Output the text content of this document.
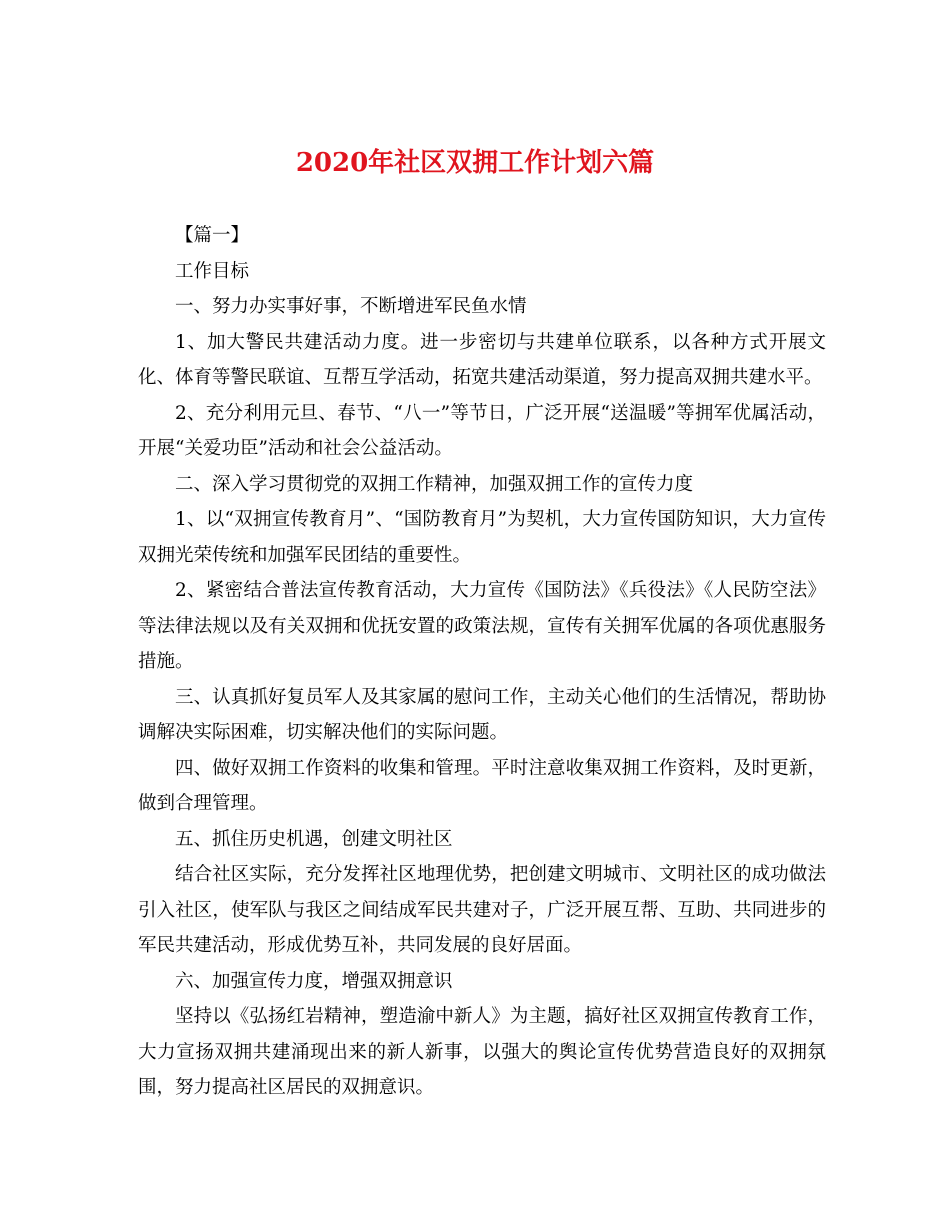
2020年社区双拥工作计划六篇

【篇一】

工作目标

一、努力办实事好事，不断增进军民鱼水情

1、加大警民共建活动力度。进一步密切与共建单位联系，以各种方式开展文化、体育等警民联谊、互帮互学活动，拓宽共建活动渠道，努力提高双拥共建水平。

2、充分利用元旦、春节、“八一”等节日，广泛开展“送温暖”等拥军优属活动，开展“关爱功臣”活动和社会公益活动。

二、深入学习贯彻党的双拥工作精神，加强双拥工作的宣传力度

1、以“双拥宣传教育月”、“国防教育月”为契机，大力宣传国防知识，大力宣传双拥光荣传统和加强军民团结的重要性。

2、紧密结合普法宣传教育活动，大力宣传《国防法》《兵役法》《人民防空法》等法律法规以及有关双拥和优抚安置的政策法规，宣传有关拥军优属的各项优惠服务措施。

三、认真抓好复员军人及其家属的慰问工作，主动关心他们的生活情况，帮助协调解决实际困难，切实解决他们的实际问题。

四、做好双拥工作资料的收集和管理。平时注意收集双拥工作资料，及时更新，做到合理管理。

五、抓住历史机遇，创建文明社区

结合社区实际，充分发挥社区地理优势，把创建文明城市、文明社区的成功做法引入社区，使军队与我区之间结成军民共建对子，广泛开展互帮、互助、共同进步的军民共建活动，形成优势互补，共同发展的良好居面。

六、加强宣传力度，增强双拥意识

坚持以《弘扬红岩精神，塑造渝中新人》为主题，搞好社区双拥宣传教育工作，大力宣扬双拥共建涌现出来的新人新事，以强大的舆论宣传优势营造良好的双拥氛围，努力提高社区居民的双拥意识。
